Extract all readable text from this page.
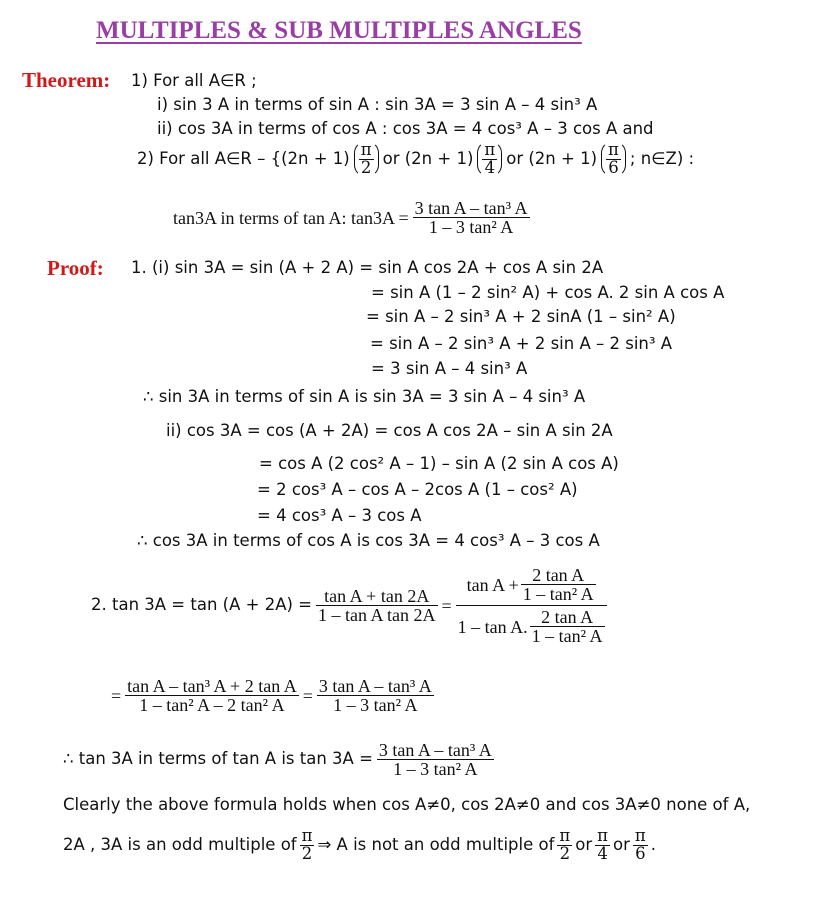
MULTIPLES & SUB MULTIPLES ANGLES
Theorem: 1) For all A∈R ;
i) sin 3 A in terms of sin A : sin 3A = 3 sin A – 4 sin³ A
ii) cos 3A in terms of cos A : cos 3A = 4 cos³ A – 3 cos A and
2) For all A∈R – {$(2n + 1) \frac{\pi}{2}$ or $(2n + 1) \frac{\pi}{4}$ or $(2n + 1) \frac{\pi}{6}$ ; n∈Z) :
tan3A in terms of tan A: $\tan 3A = \frac{\text{3 tan A – tan³ A}}{\text{1 – 3 tan² A}}$
Proof: 1. (i) sin 3A = sin (A + 2 A) = sin A cos 2A + cos A sin 2A
= sin A (1 – 2 sin² A) + cos A. 2 sin A cos A
= sin A – 2 sin³ A + 2 sinA (1 – sin² A)
= sin A – 2 sin³ A + 2 sin A – 2 sin³ A
= 3 sin A – 4 sin³ A
∴ sin 3A in terms of sin A is sin 3A = 3 sin A – 4 sin³ A
ii) cos 3A = cos (A + 2A) = cos A cos 2A – sin A sin 2A
= cos A (2 cos² A – 1) – sin A (2 sin A cos A)
= 2 cos³ A – cos A – 2cos A (1 – cos² A)
= 4 cos³ A – 3 cos A
∴ cos 3A in terms of cos A is cos 3A = 4 cos³ A – 3 cos A
2. $\tan 3A = \tan (A + 2A) = \frac{\text{tan A + tan 2A}}{\text{1 – tan A tan 2A}} = \frac{\tan A + \frac{\text{2 tan A}}{\text{1 – tan² A}}}{1 - \tan A. \frac{\text{2 tan A}}{\text{1 – tan² A}}}$
= $\frac{\text{tan A – tan³ A + 2 tan A}}{\text{1 – tan² A – 2 tan² A}} = \frac{\text{3 tan A – tan³ A}}{\text{1 – 3 tan² A}}$
∴ tan 3A in terms of tan A is $\tan 3A = \frac{\text{3 tan A – tan³ A}}{\text{1 – 3 tan² A}}$
Clearly the above formula holds when cos A≠0, cos 2A≠0 and cos 3A≠0 none of A,
2A , 3A is an odd multiple of $\frac{\pi}{2}$ ⇒ A is not an odd multiple of $\frac{\pi}{2}$ or $\frac{\pi}{4}$ or $\frac{\pi}{6}$ .
